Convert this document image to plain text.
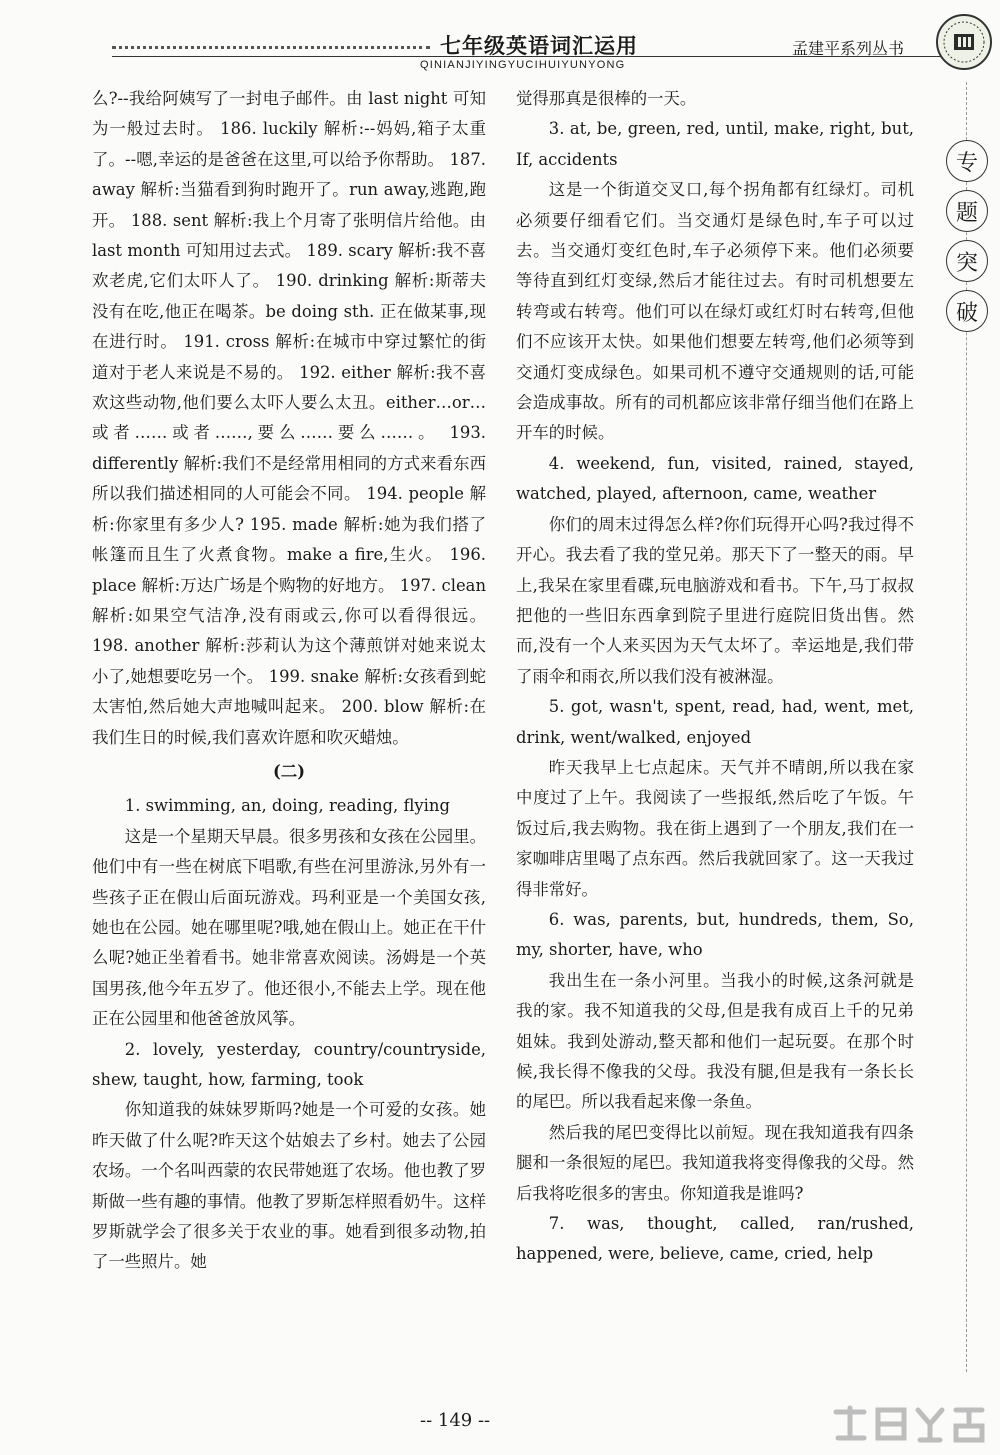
七年级英语词汇运用
QINIANJIYINGYUCIHUIYUNYONG
孟建平系列丛书
专
题
突
破

么?--我给阿姨写了一封电子邮件。由 last night 可知为一般过去时。 186. luckily 解析:--妈妈,箱子太重了。--嗯,幸运的是爸爸在这里,可以给予你帮助。 187. away 解析:当猫看到狗时跑开了。run away,逃跑,跑开。 188. sent 解析:我上个月寄了张明信片给他。由 last month 可知用过去式。 189. scary 解析:我不喜欢老虎,它们太吓人了。 190. drinking 解析:斯蒂夫没有在吃,他正在喝茶。be doing sth. 正在做某事,现在进行时。 191. cross 解析:在城市中穿过繁忙的街道对于老人来说是不易的。 192. either 解析:我不喜欢这些动物,他们要么太吓人要么太丑。either…or… 或者……或者……,要么……要么……。 193. differently 解析:我们不是经常用相同的方式来看东西所以我们描述相同的人可能会不同。 194. people 解析:你家里有多少人? 195. made 解析:她为我们搭了帐篷而且生了火煮食物。make a fire,生火。 196. place 解析:万达广场是个购物的好地方。 197. clean 解析:如果空气洁净,没有雨或云,你可以看得很远。 198. another 解析:莎莉认为这个薄煎饼对她来说太小了,她想要吃另一个。 199. snake 解析:女孩看到蛇太害怕,然后她大声地喊叫起来。 200. blow 解析:在我们生日的时候,我们喜欢许愿和吹灭蜡烛。

(二)

1. swimming, an, doing, reading, flying

这是一个星期天早晨。很多男孩和女孩在公园里。他们中有一些在树底下唱歌,有些在河里游泳,另外有一些孩子正在假山后面玩游戏。玛利亚是一个美国女孩,她也在公园。她在哪里呢?哦,她在假山上。她正在干什么呢?她正坐着看书。她非常喜欢阅读。汤姆是一个英国男孩,他今年五岁了。他还很小,不能去上学。现在他正在公园里和他爸爸放风筝。

2. lovely, yesterday, country/countryside, shew, taught, how, farming, took

你知道我的妹妹罗斯吗?她是一个可爱的女孩。她昨天做了什么呢?昨天这个姑娘去了乡村。她去了公园农场。一个名叫西蒙的农民带她逛了农场。他也教了罗斯做一些有趣的事情。他教了罗斯怎样照看奶牛。这样罗斯就学会了很多关于农业的事。她看到很多动物,拍了一些照片。她

觉得那真是很棒的一天。

3. at, be, green, red, until, make, right, but, If, accidents

这是一个街道交叉口,每个拐角都有红绿灯。司机必须要仔细看它们。当交通灯是绿色时,车子可以过去。当交通灯变红色时,车子必须停下来。他们必须要等待直到红灯变绿,然后才能往过去。有时司机想要左转弯或右转弯。他们可以在绿灯或红灯时右转弯,但他们不应该开太快。如果他们想要左转弯,他们必须等到交通灯变成绿色。如果司机不遵守交通规则的话,可能会造成事故。所有的司机都应该非常仔细当他们在路上开车的时候。

4. weekend, fun, visited, rained, stayed, watched, played, afternoon, came, weather

你们的周末过得怎么样?你们玩得开心吗?我过得不开心。我去看了我的堂兄弟。那天下了一整天的雨。早上,我呆在家里看碟,玩电脑游戏和看书。下午,马丁叔叔把他的一些旧东西拿到院子里进行庭院旧货出售。然而,没有一个人来买因为天气太坏了。幸运地是,我们带了雨伞和雨衣,所以我们没有被淋湿。

5. got, wasn't, spent, read, had, went, met, drink, went/walked, enjoyed

昨天我早上七点起床。天气并不晴朗,所以我在家中度过了上午。我阅读了一些报纸,然后吃了午饭。午饭过后,我去购物。我在街上遇到了一个朋友,我们在一家咖啡店里喝了点东西。然后我就回家了。这一天我过得非常好。

6. was, parents, but, hundreds, them, So, my, shorter, have, who

我出生在一条小河里。当我小的时候,这条河就是我的家。我不知道我的父母,但是我有成百上千的兄弟姐妹。我到处游动,整天都和他们一起玩耍。在那个时候,我长得不像我的父母。我没有腿,但是我有一条长长的尾巴。所以我看起来像一条鱼。

然后我的尾巴变得比以前短。现在我知道我有四条腿和一条很短的尾巴。我知道我将变得像我的父母。然后我将吃很多的害虫。你知道我是谁吗?

7. was, thought, called, ran/rushed, happened, were, believe, came, cried, help

-- 149 --
